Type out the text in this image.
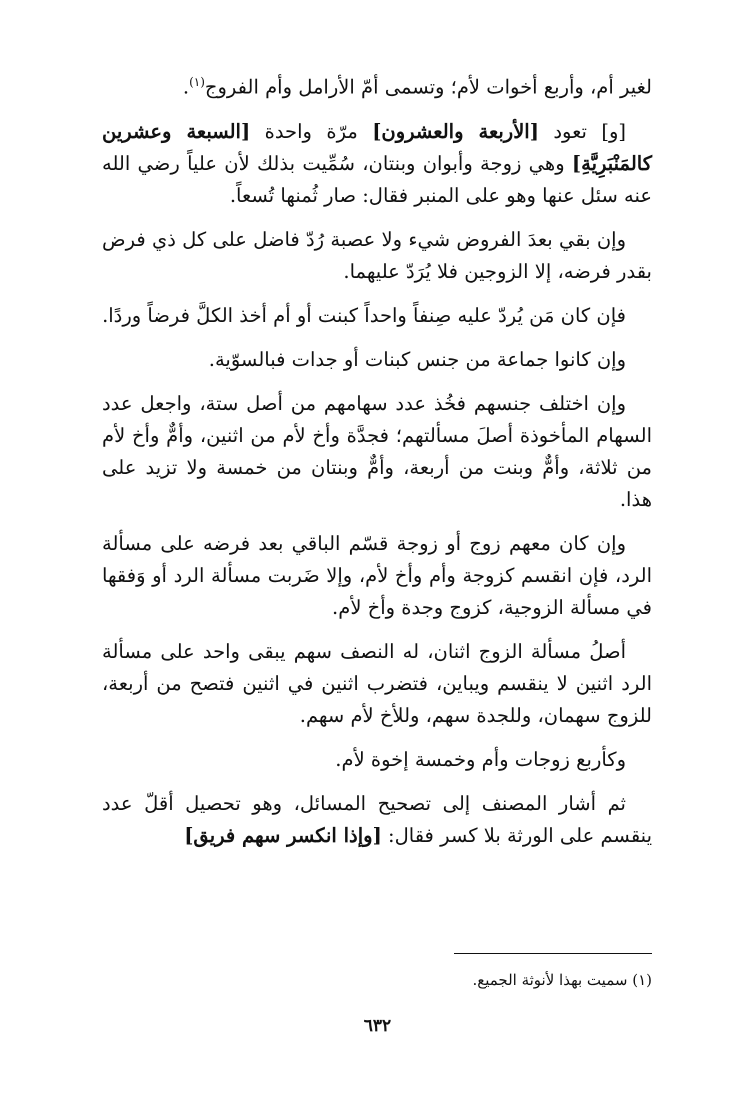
لغير أم، وأربع أخوات لأم؛ وتسمى أمّ الأرامل وأم الفروج$^{(١)}$.

[و] تعود [الأربعة والعشرون] مرّة واحدة [السبعة وعشرين كالمَنْبَرِيَّةِ] وهي زوجة وأبوان وبنتان، سُمِّيت بذلك لأن علياً رضي الله عنه سئل عنها وهو على المنبر فقال: صار ثُمنها تُسعاً.

وإن بقي بعدَ الفروض شيء ولا عصبة رُدّ فاضل على كل ذي فرض بقدر فرضه، إلا الزوجين فلا يُرَدّ عليهما.

فإن كان مَن يُردّ عليه صِنفاً واحداً كبنت أو أم أخذ الكلَّ فرضاً وردًا.

وإن كانوا جماعة من جنس كبنات أو جدات فبالسوّية.

وإن اختلف جنسهم فخُذ عدد سهامهم من أصل ستة، واجعل عدد السهام المأخوذة أصلَ مسألتهم؛ فجدَّة وأخ لأم من اثنين، وأمٌّ وأخ لأم من ثلاثة، وأمٌّ وبنت من أربعة، وأمٌّ وبنتان من خمسة ولا تزيد على هذا.

وإن كان معهم زوج أو زوجة قسّم الباقي بعد فرضه على مسألة الرد، فإن انقسم كزوجة وأم وأخ لأم، وإلا ضَربت مسألة الرد أو وَفقها في مسألة الزوجية، كزوج وجدة وأخ لأم.

أصلُ مسألة الزوج اثنان، له النصف سهم يبقى واحد على مسألة الرد اثنين لا ينقسم ويباين، فتضرب اثنين في اثنين فتصح من أربعة، للزوج سهمان، وللجدة سهم، وللأخ لأم سهم.

وكأربع زوجات وأم وخمسة إخوة لأم.

ثم أشار المصنف إلى تصحيح المسائل، وهو تحصيل أقلّ عدد ينقسم على الورثة بلا كسر فقال: [وإذا انكسر سهم فريق]

(١) سميت بهذا لأنوثة الجميع.
٦٣٢
